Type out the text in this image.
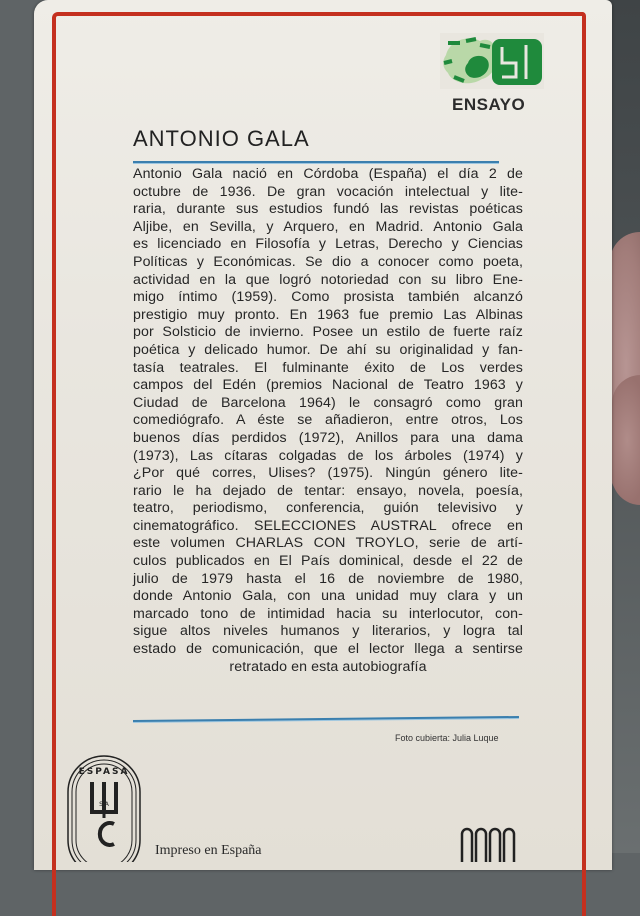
ENSAYO
ANTONIO GALA
Antonio Gala nació en Córdoba (España) el día 2 de
octubre de 1936. De gran vocación intelectual y lite-
raria, durante sus estudios fundó las revistas poéticas
Aljibe, en Sevilla, y Arquero, en Madrid. Antonio Gala
es licenciado en Filosofía y Letras, Derecho y Ciencias
Políticas y Económicas. Se dio a conocer como poeta,
actividad en la que logró notoriedad con su libro Ene-
migo íntimo (1959). Como prosista también alcanzó
prestigio muy pronto. En 1963 fue premio Las Albinas
por Solsticio de invierno. Posee un estilo de fuerte raíz
poética y delicado humor. De ahí su originalidad y fan-
tasía teatrales. El fulminante éxito de Los verdes
campos del Edén (premios Nacional de Teatro 1963 y
Ciudad de Barcelona 1964) le consagró como gran
comediógrafo. A éste se añadieron, entre otros, Los
buenos días perdidos (1972), Anillos para una dama
(1973), Las cítaras colgadas de los árboles (1974) y
¿Por qué corres, Ulises? (1975). Ningún género lite-
rario le ha dejado de tentar: ensayo, novela, poesía,
teatro, periodismo, conferencia, guión televisivo y
cinematográfico. SELECCIONES AUSTRAL ofrece en
este volumen CHARLAS CON TROYLO, serie de artí-
culos publicados en El País dominical, desde el 22 de
julio de 1979 hasta el 16 de noviembre de 1980,
donde Antonio Gala, con una unidad muy clara y un
marcado tono de intimidad hacia su interlocutor, con-
sigue altos niveles humanos y literarios, y logra tal
estado de comunicación, que el lector llega a sentirse
retratado en esta autobiografía
Foto cubierta: Julia Luque
ESPASA
S A
Impreso en España
